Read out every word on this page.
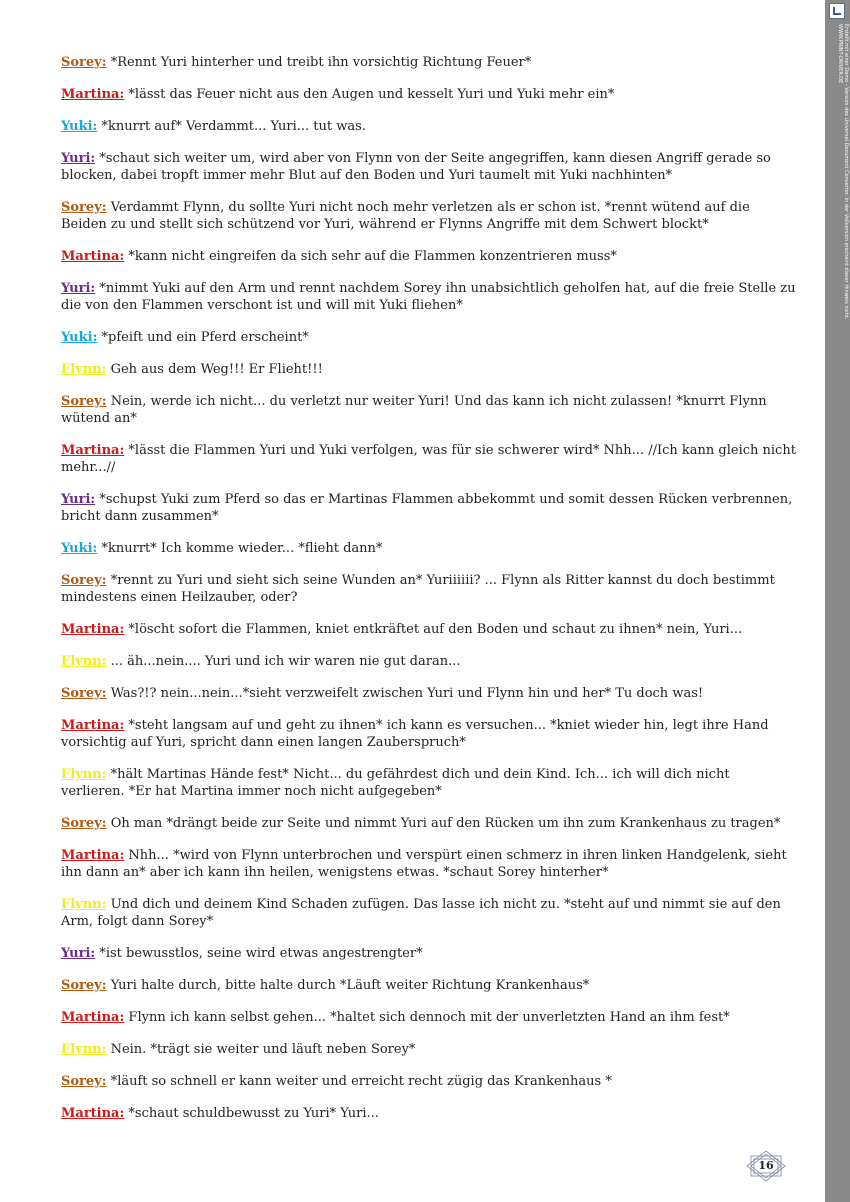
Sorey: *Rennt Yuri hinterher und treibt ihn vorsichtig Richtung Feuer*
Martina: *lässt das Feuer nicht aus den Augen und kesselt Yuri und Yuki mehr ein*
Yuki: *knurrt auf* Verdammt... Yuri... tut was.
Yuri: *schaut sich weiter um, wird aber von Flynn von der Seite angegriffen, kann diesen Angriff gerade so blocken, dabei tropft immer mehr Blut auf den Boden und Yuri taumelt mit Yuki nachhinten*
Sorey: Verdammt Flynn, du sollte Yuri nicht noch mehr verletzen als er schon ist. *rennt wütend auf die Beiden zu und stellt sich schützend vor Yuri, während er Flynns Angriffe mit dem Schwert blockt*
Martina: *kann nicht eingreifen da sich sehr auf die Flammen konzentrieren muss*
Yuri: *nimmt Yuki auf den Arm und rennt nachdem Sorey ihn unabsichtlich geholfen hat, auf die freie Stelle zu die von den Flammen verschont ist und will mit Yuki fliehen*
Yuki: *pfeift und ein Pferd erscheint*
Flynn: Geh aus dem Weg!!! Er Flieht!!!
Sorey: Nein, werde ich nicht... du verletzt nur weiter Yuri! Und das kann ich nicht zulassen! *knurrt Flynn wütend an*
Martina: *lässt die Flammen Yuri und Yuki verfolgen, was für sie schwerer wird* Nhh... //Ich kann gleich nicht mehr...//
Yuri: *schupst Yuki zum Pferd so das er Martinas Flammen abbekommt und somit dessen Rücken verbrennen, bricht dann zusammen*
Yuki: *knurrt* Ich komme wieder... *flieht dann*
Sorey: *rennt zu Yuri und sieht sich seine Wunden an* Yuriiiiii? ... Flynn als Ritter kannst du doch bestimmt mindestens einen Heilzauber, oder?
Martina: *löscht sofort die Flammen, kniet entkräftet auf den Boden und schaut zu ihnen* nein, Yuri...
Flynn: ... äh...nein.... Yuri und ich wir waren nie gut daran...
Sorey: Was?!? nein...nein...*sieht verzweifelt zwischen Yuri und Flynn hin und her* Tu doch was!
Martina: *steht langsam auf und geht zu ihnen* ich kann es versuchen... *kniet wieder hin, legt ihre Hand vorsichtig auf Yuri, spricht dann einen langen Zauberspruch*
Flynn: *hält Martinas Hände fest* Nicht... du gefährdest dich und dein Kind. Ich... ich will dich nicht verlieren. *Er hat Martina immer noch nicht aufgegeben*
Sorey: Oh man *drängt beide zur Seite und nimmt Yuri auf den Rücken um ihn zum Krankenhaus zu tragen*
Martina: Nhh... *wird von Flynn unterbrochen und verspürt einen schmerz in ihren linken Handgelenk, sieht ihn dann an* aber ich kann ihn heilen, wenigstens etwas. *schaut Sorey hinterher*
Flynn: Und dich und deinem Kind Schaden zufügen. Das lasse ich nicht zu. *steht auf und nimmt sie auf den Arm, folgt dann Sorey*
Yuri: *ist bewusstlos, seine wird etwas angestrengter*
Sorey: Yuri halte durch, bitte halte durch *Läuft weiter Richtung Krankenhaus*
Martina: Flynn ich kann selbst gehen... *haltet sich dennoch mit der unverletzten Hand an ihm fest*
Flynn: Nein. *trägt sie weiter und läuft neben Sorey*
Sorey: *läuft so schnell er kann weiter und erreicht recht zügig das Krankenhaus *
Martina: *schaut schuldbewusst zu Yuri* Yuri...
Erstellt mit einer Demo - Version des Universal Document Converter. In der Vollversion erscheint dieser Hinweis nicht.
WWW.PRINT-DRIVER.DE
16
